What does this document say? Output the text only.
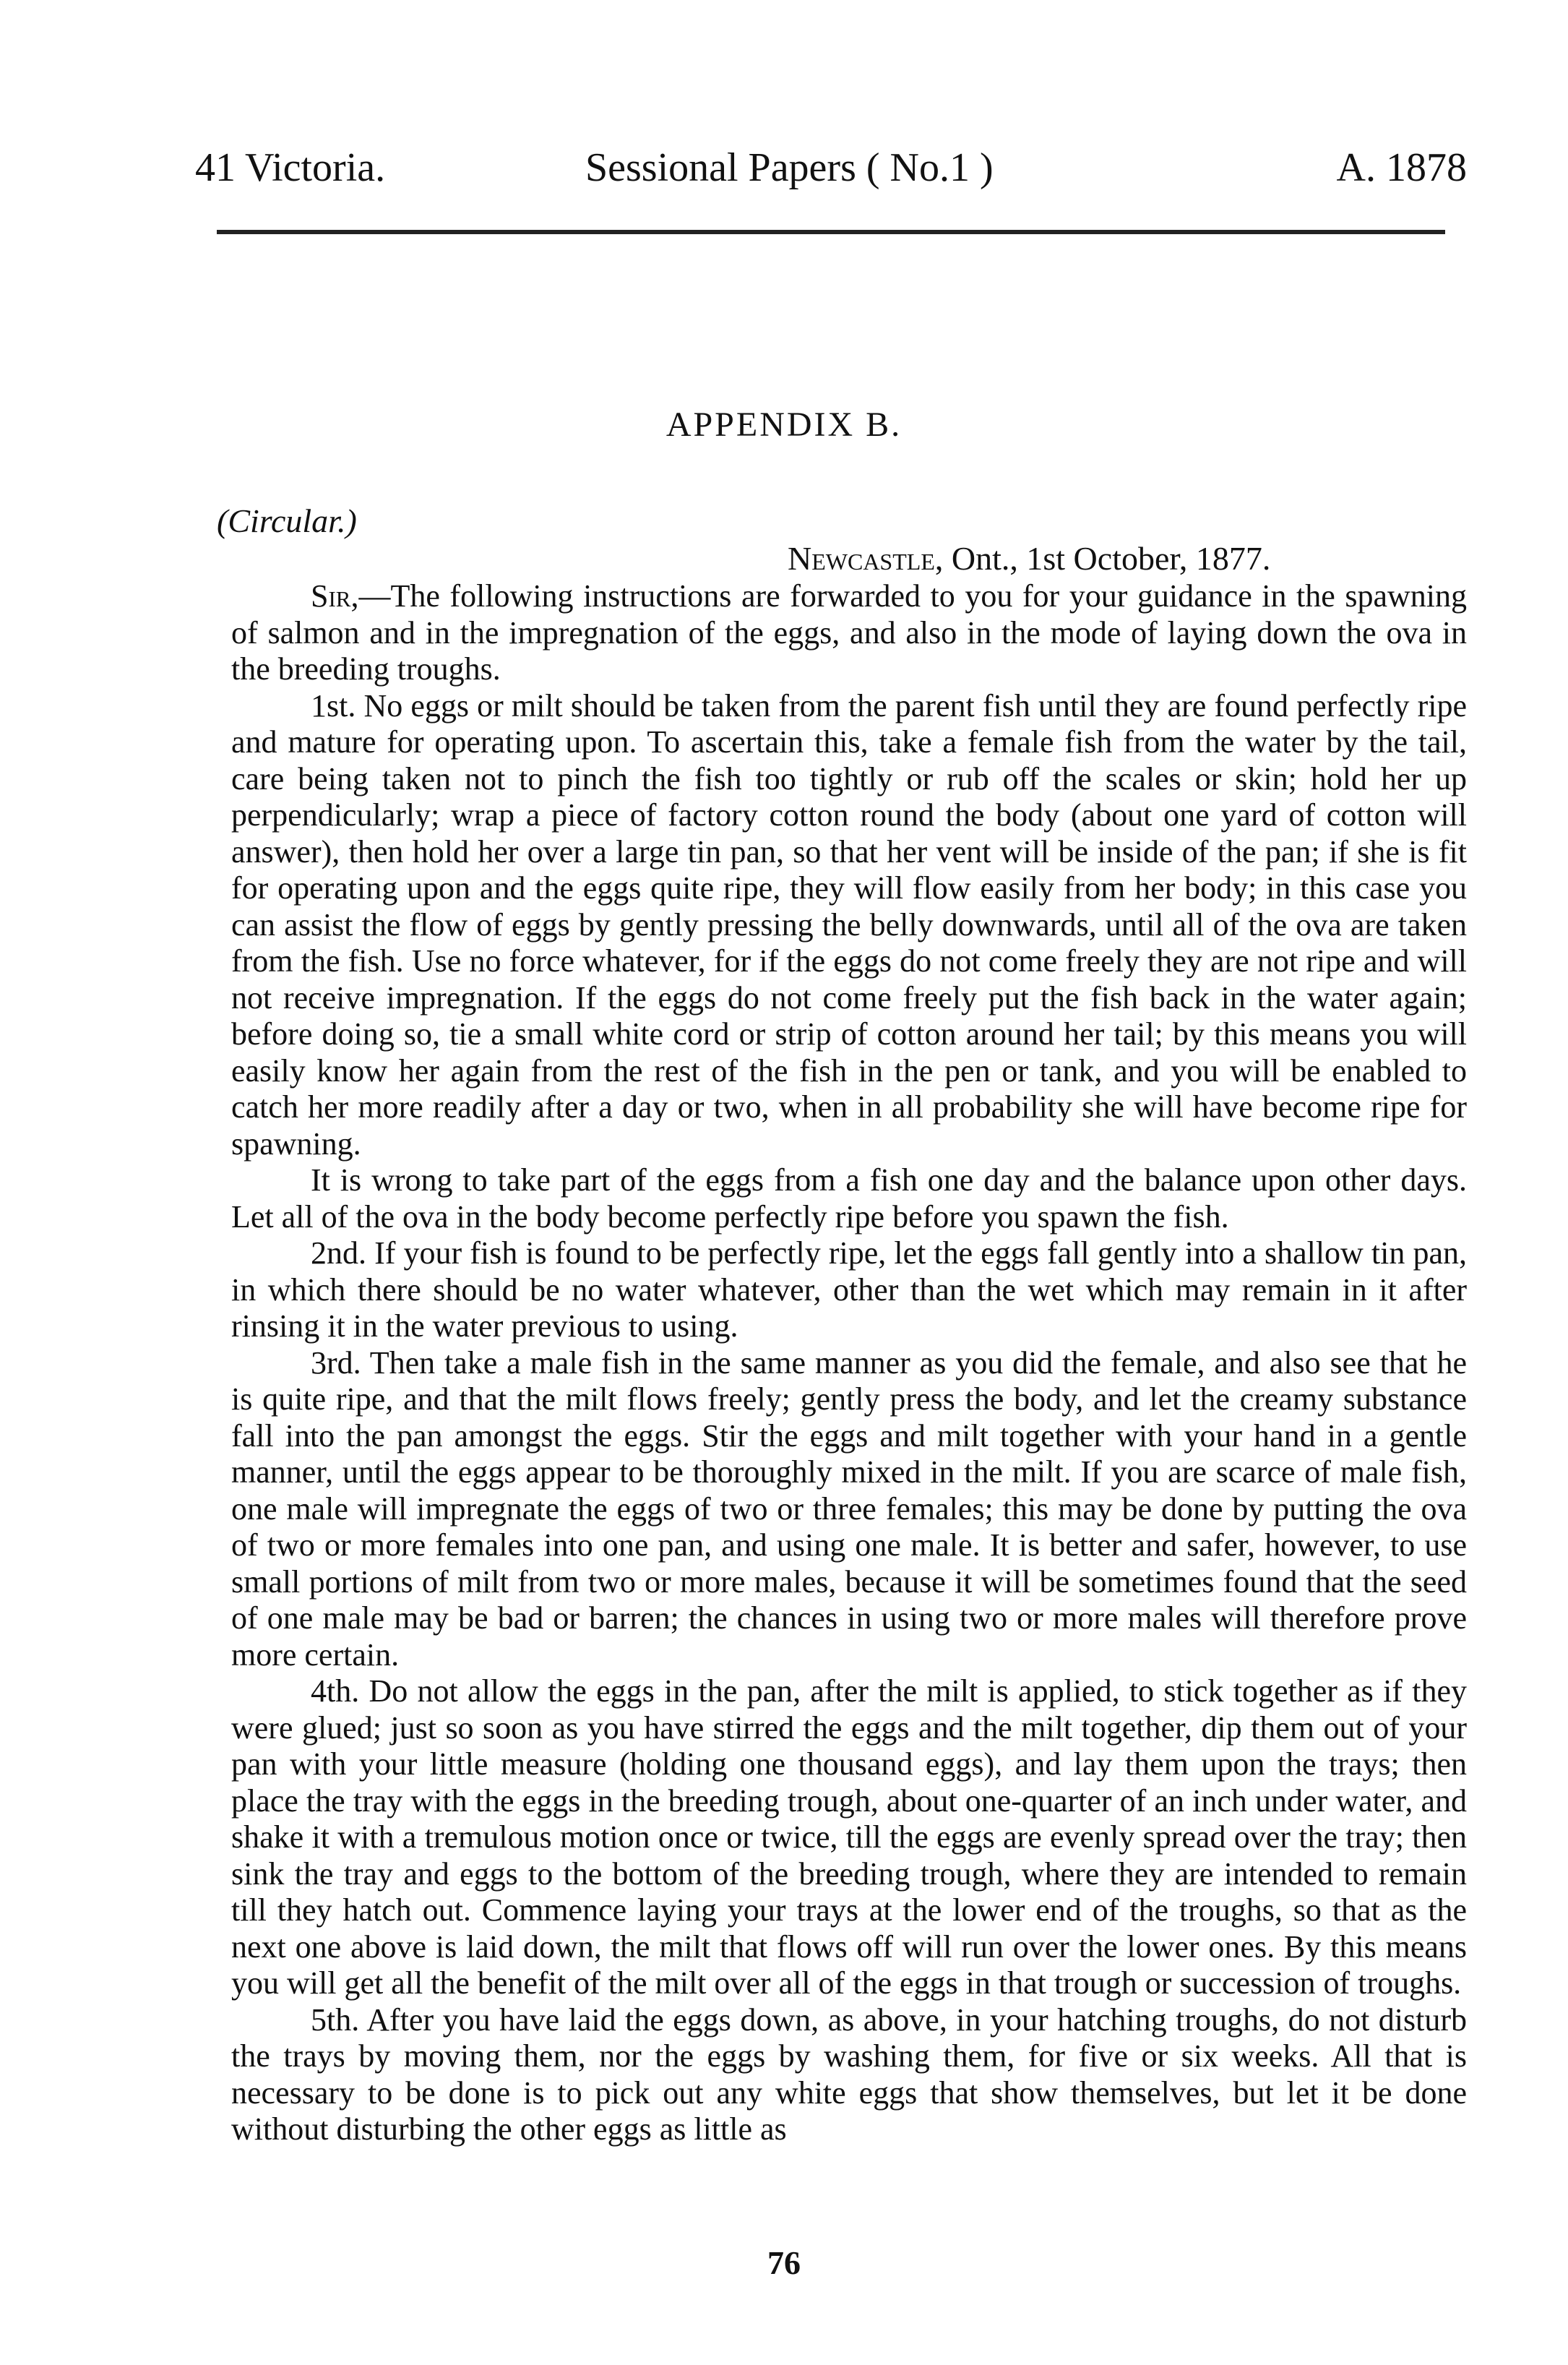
41 Victoria.	Sessional Papers ( No.1 )	A. 1878
APPENDIX B.
(Circular.)
Newcastle, Ont., 1st October, 1877.

Sir,—The following instructions are forwarded to you for your guidance in the spawning of salmon and in the impregnation of the eggs, and also in the mode of laying down the ova in the breeding troughs.

1st. No eggs or milt should be taken from the parent fish until they are found perfectly ripe and mature for operating upon. To ascertain this, take a female fish from the water by the tail, care being taken not to pinch the fish too tightly or rub off the scales or skin; hold her up perpendicularly; wrap a piece of factory cotton round the body (about one yard of cotton will answer), then hold her over a large tin pan, so that her vent will be inside of the pan; if she is fit for operating upon and the eggs quite ripe, they will flow easily from her body; in this case you can assist the flow of eggs by gently pressing the belly downwards, until all of the ova are taken from the fish. Use no force whatever, for if the eggs do not come freely they are not ripe and will not receive impregnation. If the eggs do not come freely put the fish back in the water again; before doing so, tie a small white cord or strip of cotton around her tail; by this means you will easily know her again from the rest of the fish in the pen or tank, and you will be enabled to catch her more readily after a day or two, when in all probability she will have become ripe for spawning.

It is wrong to take part of the eggs from a fish one day and the balance upon other days. Let all of the ova in the body become perfectly ripe before you spawn the fish.

2nd. If your fish is found to be perfectly ripe, let the eggs fall gently into a shallow tin pan, in which there should be no water whatever, other than the wet which may remain in it after rinsing it in the water previous to using.

3rd. Then take a male fish in the same manner as you did the female, and also see that he is quite ripe, and that the milt flows freely; gently press the body, and let the creamy substance fall into the pan amongst the eggs. Stir the eggs and milt together with your hand in a gentle manner, until the eggs appear to be thoroughly mixed in the milt. If you are scarce of male fish, one male will impregnate the eggs of two or three females; this may be done by putting the ova of two or more females into one pan, and using one male. It is better and safer, however, to use small portions of milt from two or more males, because it will be sometimes found that the seed of one male may be bad or barren; the chances in using two or more males will therefore prove more certain.

4th. Do not allow the eggs in the pan, after the milt is applied, to stick together as if they were glued; just so soon as you have stirred the eggs and the milt together, dip them out of your pan with your little measure (holding one thousand eggs), and lay them upon the trays; then place the tray with the eggs in the breeding trough, about one-quarter of an inch under water, and shake it with a tremulous motion once or twice, till the eggs are evenly spread over the tray; then sink the tray and eggs to the bottom of the breeding trough, where they are intended to remain till they hatch out. Commence laying your trays at the lower end of the troughs, so that as the next one above is laid down, the milt that flows off will run over the lower ones. By this means you will get all the benefit of the milt over all of the eggs in that trough or succession of troughs.

5th. After you have laid the eggs down, as above, in your hatching troughs, do not disturb the trays by moving them, nor the eggs by washing them, for five or six weeks. All that is necessary to be done is to pick out any white eggs that show themselves, but let it be done without disturbing the other eggs as little as

76
